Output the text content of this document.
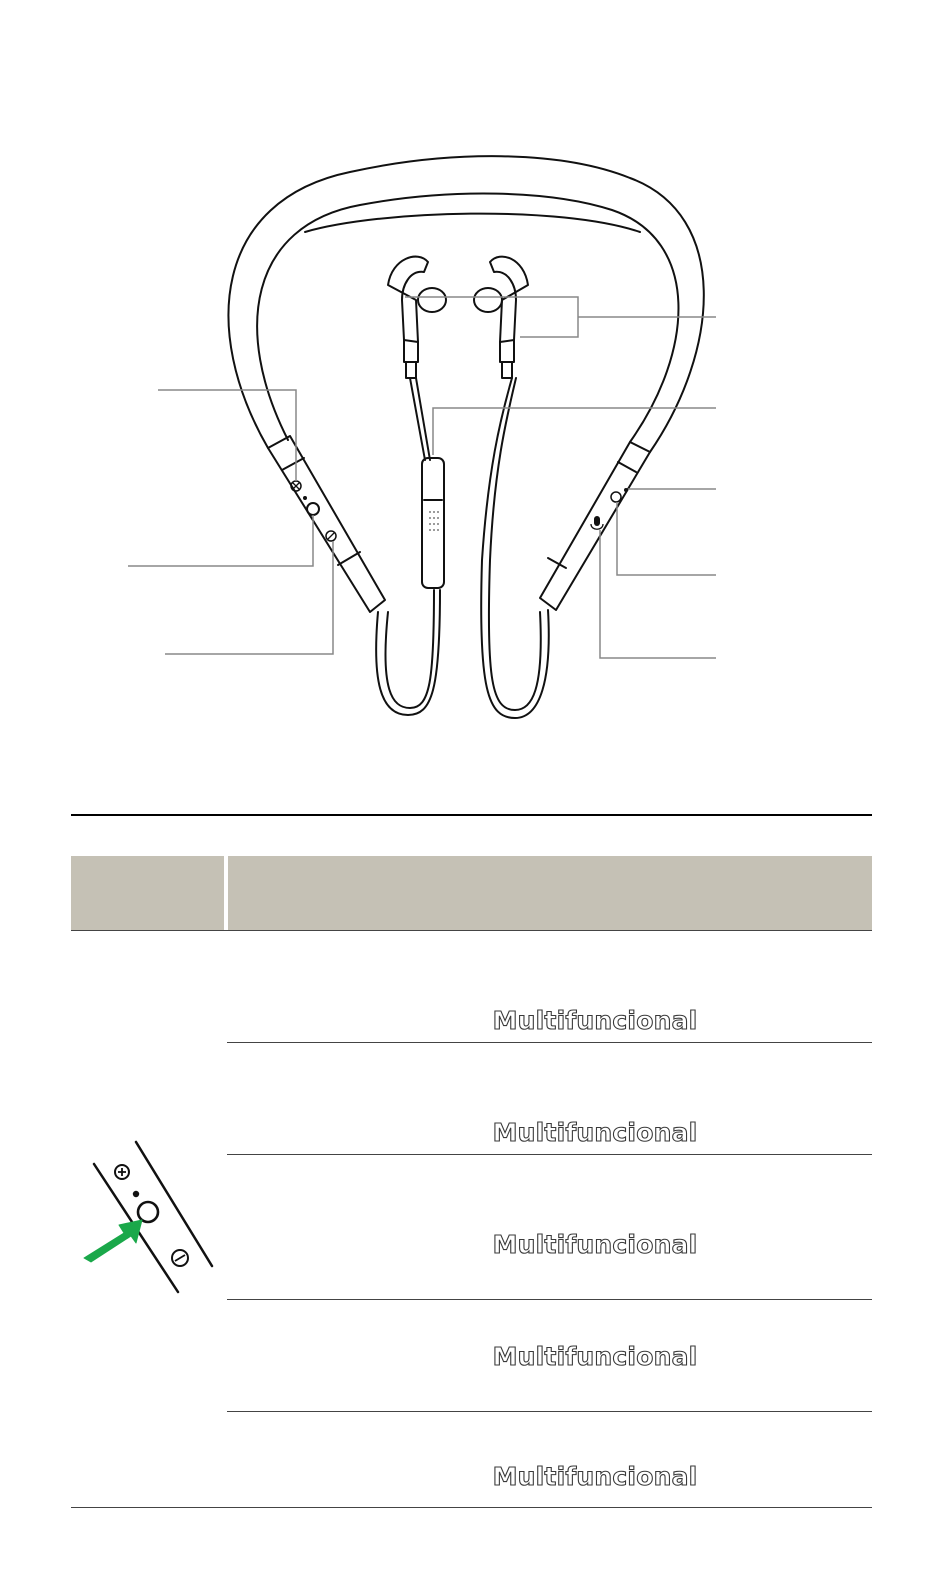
Multifuncional
Multifuncional
Multifuncional
Multifuncional
Multifuncional
